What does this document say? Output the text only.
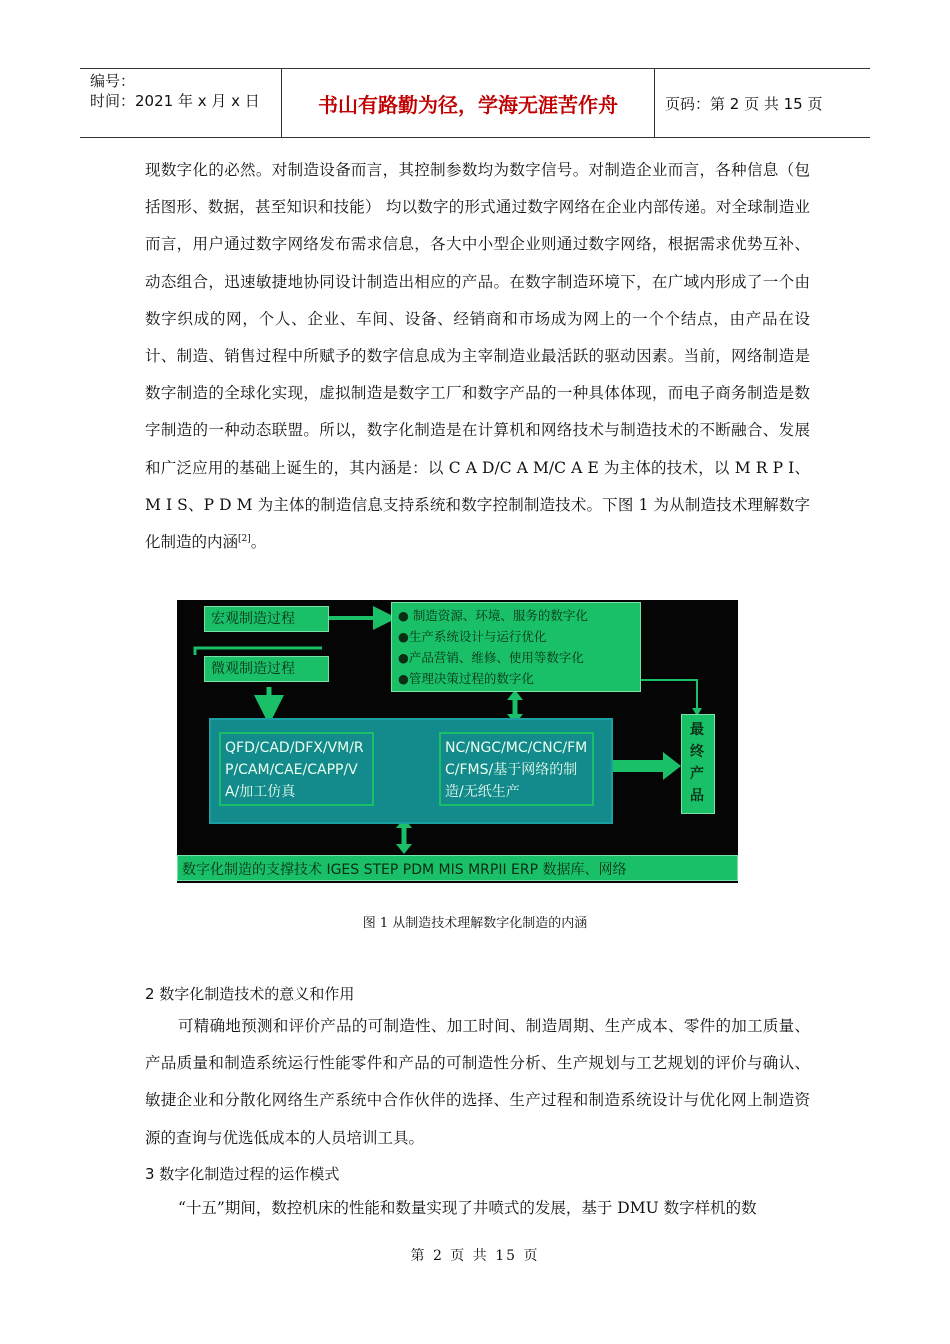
编号：
时间：2021 年 x 月 x 日	书山有路勤为径，学海无涯苦作舟	页码：第 2 页 共 15 页
现数字化的必然。对制造设备而言，其控制参数均为数字信号。对制造企业而言，各种信息（包括图形、数据，甚至知识和技能） 均以数字的形式通过数字网络在企业内部传递。对全球制造业而言，用户通过数字网络发布需求信息，各大中小型企业则通过数字网络，根据需求优势互补、动态组合，迅速敏捷地协同设计制造出相应的产品。在数字制造环境下，在广域内形成了一个由数字织成的网，个人、企业、车间、设备、经销商和市场成为网上的一个个结点，由产品在设计、制造、销售过程中所赋予的数字信息成为主宰制造业最活跃的驱动因素。当前，网络制造是数字制造的全球化实现，虚拟制造是数字工厂和数字产品的一种具体体现，而电子商务制造是数字制造的一种动态联盟。所以，数字化制造是在计算机和网络技术与制造技术的不断融合、发展和广泛应用的基础上诞生的，其内涵是：以 C A D/C A M/C A E 为主体的技术，以 M R P I、M I S、P D M 为主体的制造信息支持系统和数字控制制造技术。下图 1 为从制造技术理解数字化制造的内涵[2]。
宏观制造过程
微观制造过程
● 制造资源、环境、服务的数字化
●生产系统设计与运行优化
●产品营销、维修、使用等数字化
●管理决策过程的数字化
QFD/CAD/DFX/VM/RP/CAM/CAE/CAPP/VA/加工仿真
NC/NGC/MC/CNC/FMC/FMS/基于网络的制造/无纸生产
最终产品
数字化制造的支撑技术 IGES STEP PDM MIS MRPII ERP 数据库、网络
图 1 从制造技术理解数字化制造的内涵
2 数字化制造技术的意义和作用
可精确地预测和评价产品的可制造性、加工时间、制造周期、生产成本、零件的加工质量、产品质量和制造系统运行性能零件和产品的可制造性分析、生产规划与工艺规划的评价与确认、敏捷企业和分散化网络生产系统中合作伙伴的选择、生产过程和制造系统设计与优化网上制造资源的查询与优选低成本的人员培训工具。
3 数字化制造过程的运作模式
“十五”期间，数控机床的性能和数量实现了井喷式的发展，基于 DMU 数字样机的数
第 2 页 共 15 页
